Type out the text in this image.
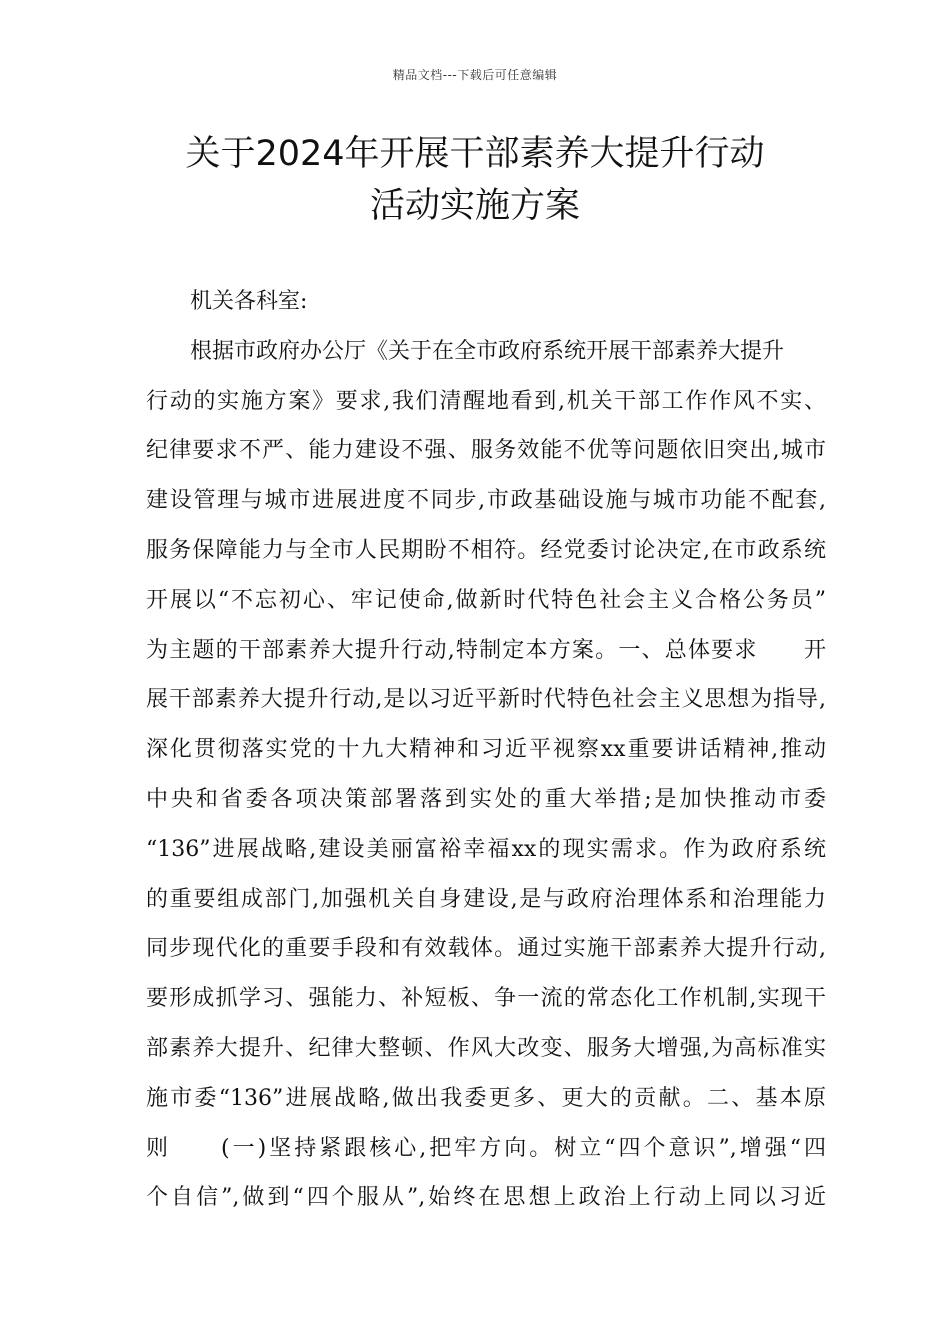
精品文档---下载后可任意编辑
关于2024年开展干部素养大提升行动
活动实施方案
机关各科室:
根据市政府办公厅《关于在全市政府系统开展干部素养大提升
行动的实施方案》要求,我们清醒地看到,机关干部工作作风不实、
纪律要求不严、能力建设不强、服务效能不优等问题依旧突出,城市
建设管理与城市进展进度不同步,市政基础设施与城市功能不配套,
服务保障能力与全市人民期盼不相符。经党委讨论决定,在市政系统
开展以“不忘初心、牢记使命,做新时代特色社会主义合格公务员”
为主题的干部素养大提升行动,特制定本方案。一、总体要求　　开
展干部素养大提升行动,是以习近平新时代特色社会主义思想为指导,
深化贯彻落实党的十九大精神和习近平视察xx重要讲话精神,推动
中央和省委各项决策部署落到实处的重大举措;是加快推动市委
“136”进展战略,建设美丽富裕幸福xx的现实需求。作为政府系统
的重要组成部门,加强机关自身建设,是与政府治理体系和治理能力
同步现代化的重要手段和有效载体。通过实施干部素养大提升行动,
要形成抓学习、强能力、补短板、争一流的常态化工作机制,实现干
部素养大提升、纪律大整顿、作风大改变、服务大增强,为高标准实
施市委“136”进展战略,做出我委更多、更大的贡献。二、基本原
则　　(一)坚持紧跟核心,把牢方向。树立“四个意识”,增强“四
个自信”,做到“四个服从”,始终在思想上政治上行动上同以习近
